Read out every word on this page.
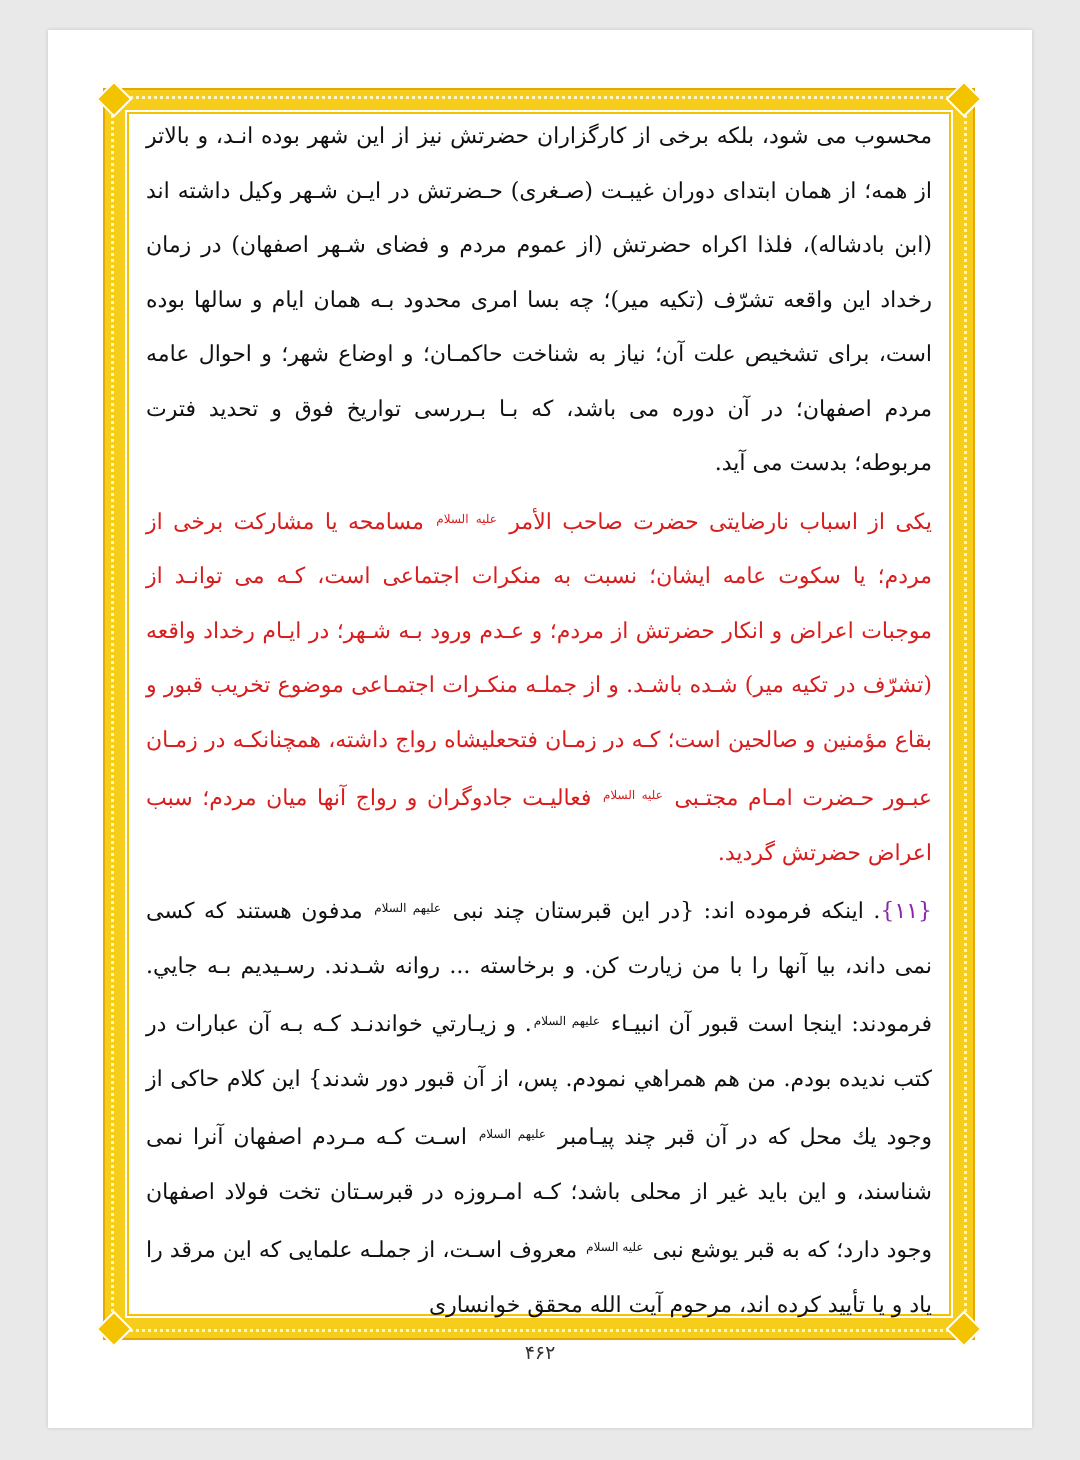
محسوب می شود، بلكه برخی از كارگزاران حضرتش نيز از اين شهر بوده انـد، و بالاتر از همه؛ از همان ابتدای دوران غيبـت (صـغری) حـضرتش در ايـن شـهر وكيل داشته اند (ابن بادشاله)، فلذا اكراه حضرتش (از عموم مردم و فضای شـهر اصفهان) در زمان رخداد اين واقعه تشرّف (تكيه مير)؛ چه بسا امری محدود بـه همان ايام و سالها بوده است، برای تشخيص علت آن؛ نياز به شناخت حاكمـان؛ و اوضاع شهر؛ و احوال عامه مردم اصفهان؛ در آن دوره می باشد، كه بـا بـررسی تواريخ فوق و تحديد فترت مربوطه؛ بدست می آيد.

يكی از اسباب نارضايتی حضرت صاحب الأمر $^{عليه السلام}$ مسامحه يا مشاركت برخی از مردم؛ يا سكوت عامه ايشان؛ نسبت به منكرات اجتماعی است، كـه می توانـد از موجبات اعراض و انكار حضرتش از مردم؛ و عـدم ورود بـه شـهر؛ در ايـام رخداد واقعه (تشرّف در تكيه مير) شـده باشـد. و از جملـه منكـرات اجتمـاعی موضوع تخريب قبور و بقاع مؤمنين و صالحين است؛ كـه در زمـان فتحعليشاه رواج داشته، همچنانكـه در زمـان عبـور حـضرت امـام مجتـبی $^{عليه السلام}$ فعاليـت جادوگران و رواج آنها ميان مردم؛ سبب اعراض حضرتش گرديد.

{۱۱}. اينكه فرموده اند: {در اين قبرستان چند نبی $^{عليهم السلام}$ مدفون هستند كه كسی نمی داند، بيا آنها را با من زيارت كن. و برخاسته ... روانه شـدند. رسـيديم بـه جايي. فرمودند: اينجا است قبور آن انبيـاء $^{عليهم السلام}$. و زيـارتي خواندنـد كـه بـه آن عبارات در كتب نديده بودم. من هم همراهي نمودم. پس، از آن قبور دور شدند} اين كلام حاكی از وجود يك محل كه در آن قبر چند پيـامبر $^{عليهم السلام}$ اسـت كـه مـردم اصفهان آنرا نمی شناسند، و اين بايد غير از محلی باشد؛ كـه امـروزه در قبرسـتان تخت فولاد اصفهان وجود دارد؛ كه به قبر يوشع نبی $^{عليه السلام}$ معروف اسـت، از جملـه علمايی كه اين مرقد را ياد و يا تأييد كرده اند، مرحوم آيت الله محقق خوانساری

۴۶۲
